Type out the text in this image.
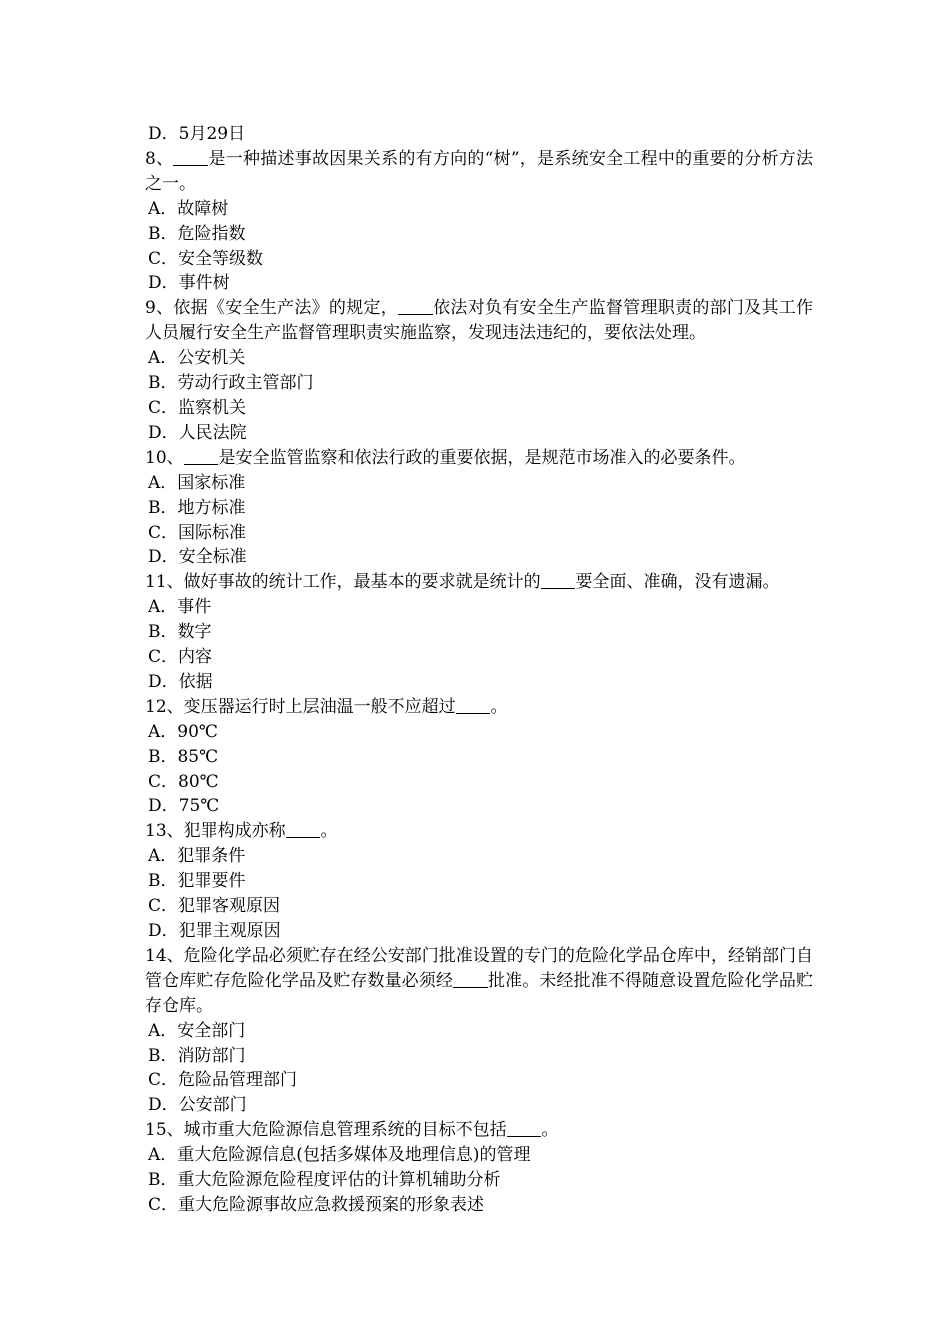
D．5月29日
8、 是一种描述事故因果关系的有方向的“树”，是系统安全工程中的重要的分析方法之一。
A．故障树
B．危险指数
C．安全等级数
D．事件树
9、依据《安全生产法》的规定， 依法对负有安全生产监督管理职责的部门及其工作人员履行安全生产监督管理职责实施监察，发现违法违纪的，要依法处理。
A．公安机关
B．劳动行政主管部门
C．监察机关
D．人民法院
10、 是安全监管监察和依法行政的重要依据，是规范市场准入的必要条件。
A．国家标准
B．地方标准
C．国际标准
D．安全标准
11、做好事故的统计工作，最基本的要求就是统计的 要全面、准确，没有遗漏。
A．事件
B．数字
C．内容
D．依据
12、变压器运行时上层油温一般不应超过 。
A．90℃
B．85℃
C．80℃
D．75℃
13、犯罪构成亦称 。
A．犯罪条件
B．犯罪要件
C．犯罪客观原因
D．犯罪主观原因
14、危险化学品必须贮存在经公安部门批准设置的专门的危险化学品仓库中，经销部门自管仓库贮存危险化学品及贮存数量必须经 批准。未经批准不得随意设置危险化学品贮存仓库。
A．安全部门
B．消防部门
C．危险品管理部门
D．公安部门
15、城市重大危险源信息管理系统的目标不包括 。
A．重大危险源信息(包括多媒体及地理信息)的管理
B．重大危险源危险程度评估的计算机辅助分析
C．重大危险源事故应急救援预案的形象表述
